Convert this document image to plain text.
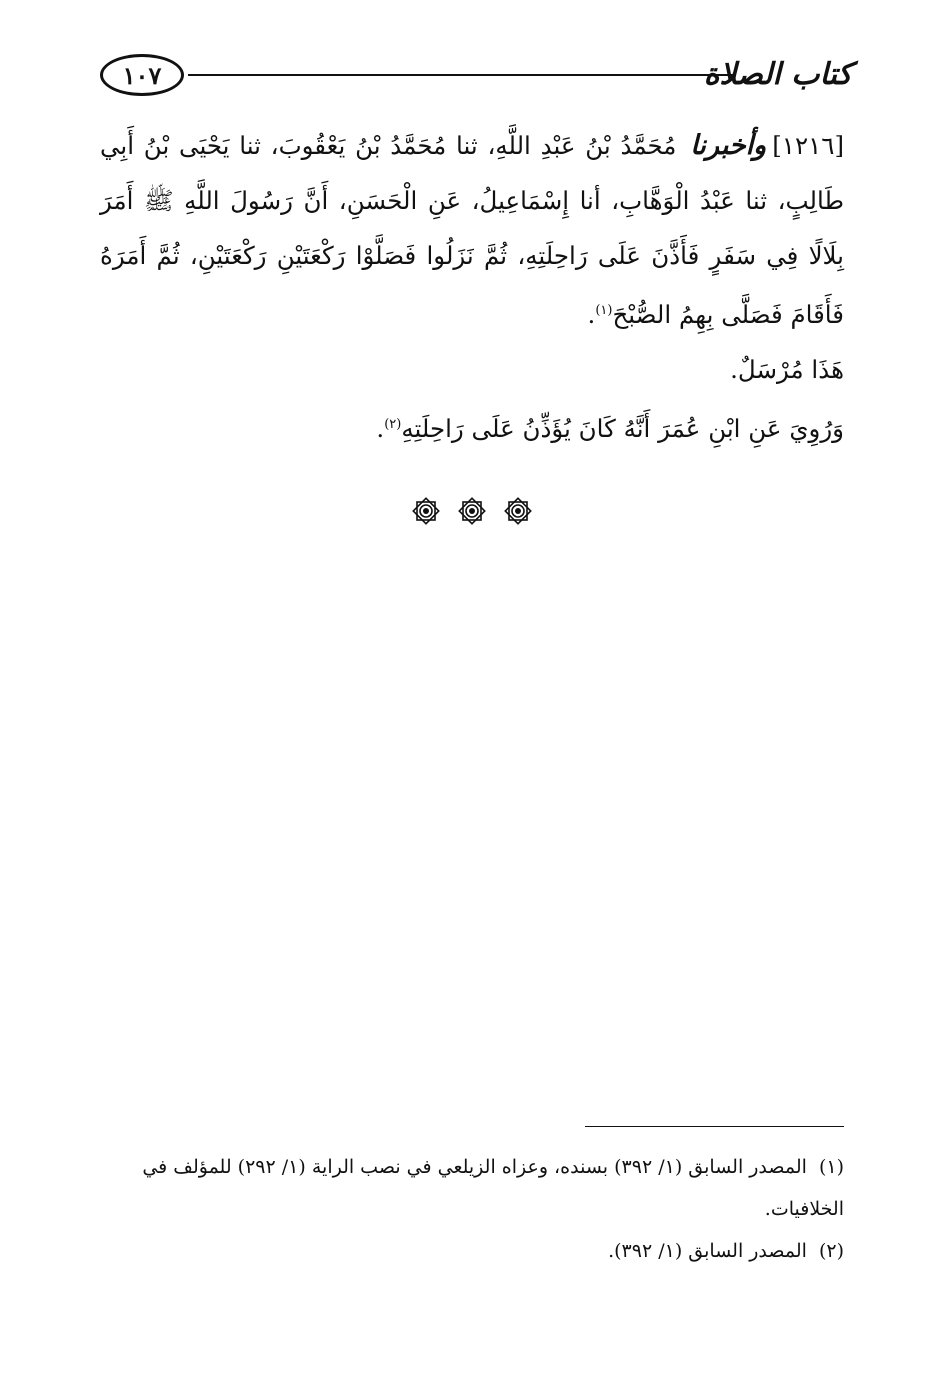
١٠٧	كتاب الصلاة

[١٢١٦]وأخبرنا مُحَمَّدُ بْنُ عَبْدِ اللَّهِ، ثنا مُحَمَّدُ بْنُ يَعْقُوبَ، ثنا يَحْيَى بْنُ أَبِي طَالِبٍ، ثنا عَبْدُ الْوَهَّابِ، أنا إِسْمَاعِيلُ، عَنِ الْحَسَنِ، أَنَّ رَسُولَ اللَّهِ ﷺ أَمَرَ بِلَالًا فِي سَفَرٍ فَأَذَّنَ عَلَى رَاحِلَتِهِ، ثُمَّ نَزَلُوا فَصَلَّوْا رَكْعَتَيْنِ رَكْعَتَيْنِ، ثُمَّ أَمَرَهُ فَأَقَامَ فَصَلَّى بِهِمُ الصُّبْحَ$^{(١)}$.

هَذَا مُرْسَلٌ.

وَرُوِيَ عَنِ ابْنِ عُمَرَ أَنَّهُ كَانَ يُؤَذِّنُ عَلَى رَاحِلَتِهِ$^{(٢)}$.

(١)المصدر السابق (١/ ٣٩٢) بسنده، وعزاه الزيلعي في نصب الراية (١/ ٢٩٢) للمؤلف في الخلافيات.

(٢)المصدر السابق (١/ ٣٩٢).
